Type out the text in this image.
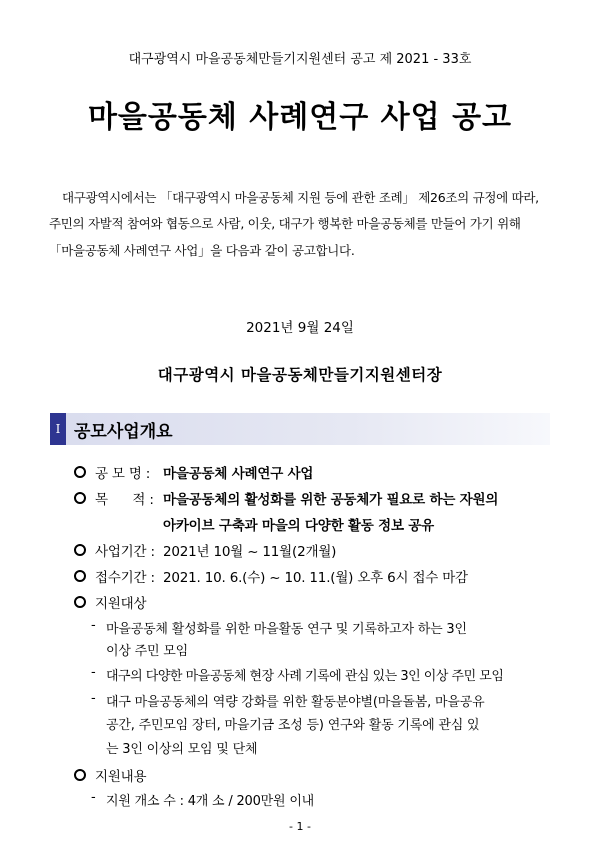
대구광역시 마을공동체만들기지원센터 공고 제 2021 - 33호
마을공동체 사례연구 사업 공고
대구광역시에서는 「대구광역시 마을공동체 지원 등에 관한 조례」 제26조의 규정에 따라,
주민의 자발적 참여와 협동으로 사람, 이웃, 대구가 행복한 마을공동체를 만들어 가기 위해
「마을공동체 사례연구 사업」을 다음과 같이 공고합니다.
2021년 9월 24일
대구광역시 마을공동체만들기지원센터장
Ⅰ 공모사업개요
공 모 명 : 마을공동체 사례연구 사업
목      적 : 마을공동체의 활성화를 위한 공동체가 필요로 하는 자원의
아카이브 구축과 마을의 다양한 활동 정보 공유
사업기간 : 2021년 10월 ~ 11월(2개월)
접수기간 : 2021. 10. 6.(수) ~ 10. 11.(월) 오후 6시 접수 마감
지원대상
- 마을공동체 활성화를 위한 마을활동 연구 및 기록하고자 하는 3인
이상 주민 모임
- 대구의 다양한 마을공동체 현장 사례 기록에 관심 있는 3인 이상 주민 모임
- 대구 마을공동체의 역량 강화를 위한 활동분야별(마을돌봄, 마을공유
공간, 주민모임 장터, 마을기금 조성 등) 연구와 활동 기록에 관심 있
는 3인 이상의 모임 및 단체
지원내용
- 지원 개소 수 : 4개 소 / 200만원 이내
- 1 -
